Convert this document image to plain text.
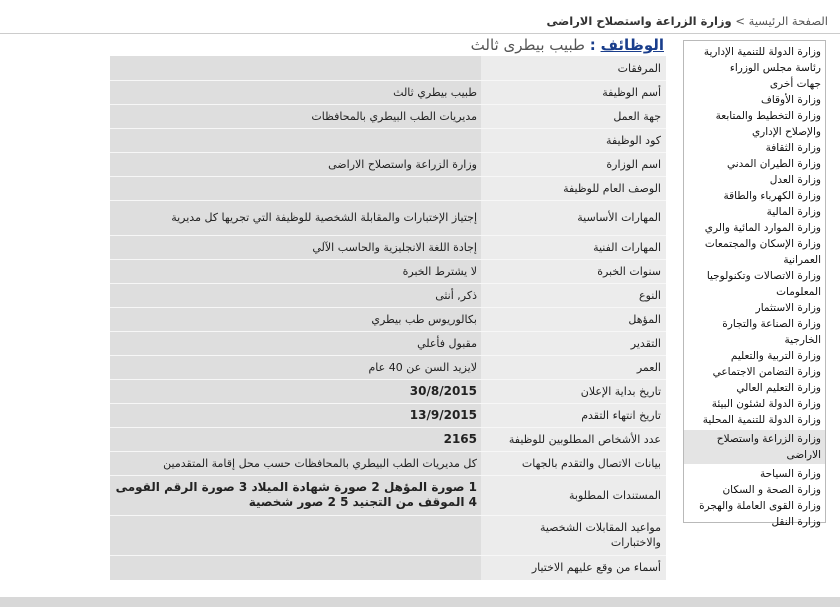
الصفحة الرئيسية > وزارة الزراعة واستصلاح الاراضى
الوظائف : طبيب بيطرى ثالث
المرفقات
أسم الوظيفة
طبيب بيطري ثالث
جهة العمل
مديريات الطب البيطري بالمحافظات
كود الوظيفة
اسم الوزارة
وزارة الزراعة واستصلاح الاراضى
الوصف العام للوظيفة
المهارات الأساسية
إجتياز الإختبارات والمقابلة الشخصية للوظيفة التي تجريها كل مديرية
المهارات الفنية
إجادة اللغة الانجليزية والحاسب الآلي
سنوات الخبرة
لا يشترط الخبرة
النوع
ذكر, أنثى
المؤهل
بكالوريوس طب بيطري
التقدير
مقبول فأعلي
العمر
لايزيد السن عن 40 عام
تاريخ بداية الإعلان
30/8/2015
تاريخ انتهاء التقدم
13/9/2015
عدد الأشخاص المطلوبين للوظيفة
2165
بيانات الاتصال والتقدم بالجهات
كل مديريات الطب البيطري بالمحافظات حسب محل إقامة المتقدمين
المستندات المطلوبة
1 صورة المؤهل 2 صورة شهادة الميلاد 3 صورة الرقم القومى 4 الموقف من التجنيد 5 2 صور شخصية
مواعيد المقابلات الشخصية والاختبارات
أسماء من وقع عليهم الاختيار
وزارة الدولة للتنمية الإدارية
رئاسة مجلس الوزراء
جهات أخرى
وزارة الأوقاف
وزارة التخطيط والمتابعة والإصلاح الإداري
وزارة الثقافة
وزارة الطيران المدني
وزارة العدل
وزارة الكهرباء والطاقة
وزارة المالية
وزارة الموارد المائية والري
وزارة الإسكان والمجتمعات العمرانية
وزارة الاتصالات وتكنولوجيا المعلومات
وزارة الاستثمار
وزارة الصناعة والتجارة الخارجية
وزارة التربية والتعليم
وزارة التضامن الاجتماعي
وزارة التعليم العالي
وزارة الدولة لشئون البيئة
وزارة الدولة للتنمية المحلية
وزارة الزراعة واستصلاح الاراضى
وزارة السياحة
وزارة الصحة و السكان
وزارة القوى العاملة والهجرة
وزارة النقل
